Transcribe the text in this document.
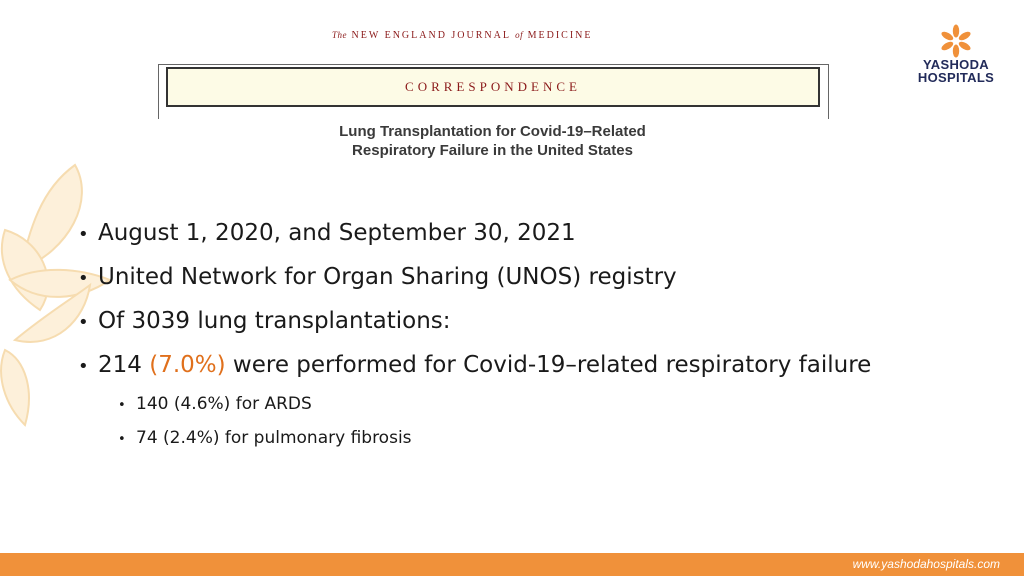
The NEW ENGLAND JOURNAL of MEDICINE
CORRESPONDENCE
Lung Transplantation for Covid-19–Related
Respiratory Failure in the United States
YASHODA
HOSPITALS
• August 1, 2020, and September 30, 2021
• United Network for Organ Sharing (UNOS) registry
• Of 3039 lung transplantations:
• 214 (7.0%) were performed for Covid-19–related respiratory failure
• 140 (4.6%) for ARDS
• 74 (2.4%) for pulmonary fibrosis
www.yashodahospitals.com
